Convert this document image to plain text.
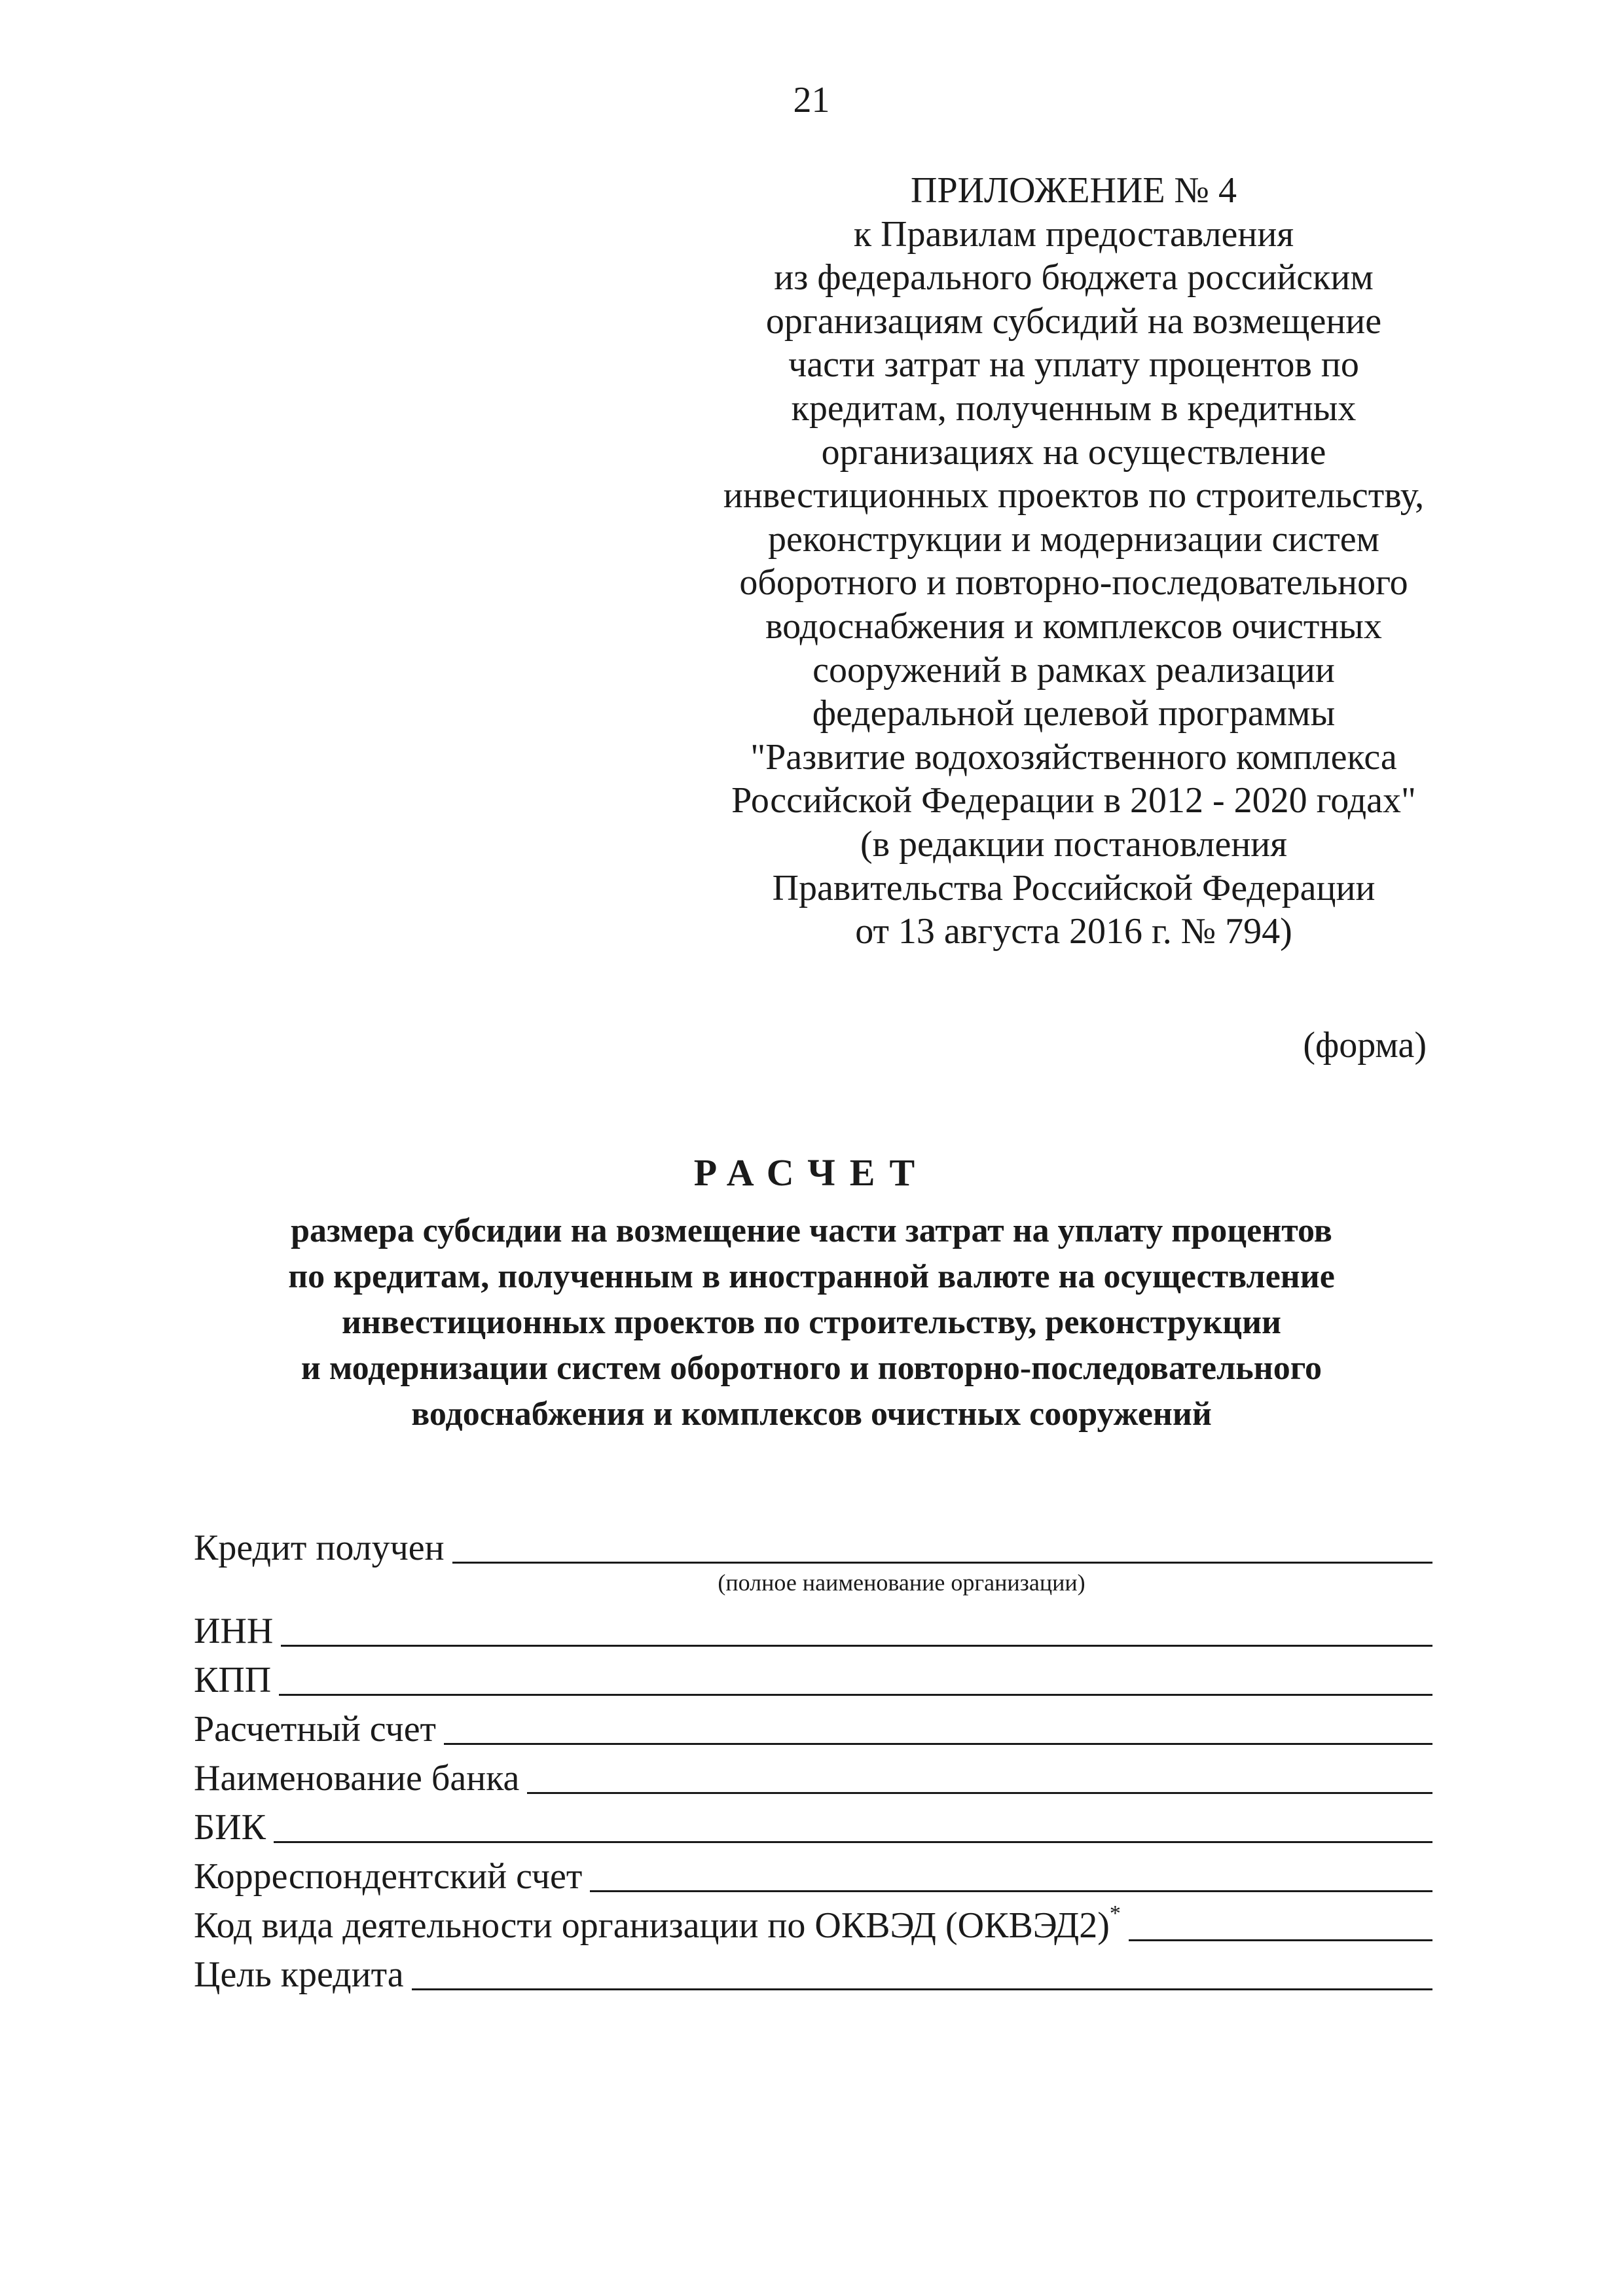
21
ПРИЛОЖЕНИЕ № 4
к Правилам предоставления
из федерального бюджета российским
организациям субсидий на возмещение
части затрат на уплату процентов по
кредитам, полученным в кредитных
организациях на осуществление
инвестиционных проектов по строительству,
реконструкции и модернизации систем
оборотного и повторно-последовательного
водоснабжения и комплексов очистных
сооружений в рамках реализации
федеральной целевой программы
"Развитие водохозяйственного комплекса
Российской Федерации в 2012 - 2020 годах"
(в редакции постановления
Правительства Российской Федерации
от 13 августа 2016 г. № 794)
(форма)
РАСЧЕТ
размера субсидии на возмещение части затрат на уплату процентов
по кредитам, полученным в иностранной валюте на осуществление
инвестиционных проектов по строительству, реконструкции
и модернизации систем оборотного и повторно-последовательного
водоснабжения и комплексов очистных сооружений
Кредит получен
(полное наименование организации)
ИНН
КПП
Расчетный счет
Наименование банка
БИК
Корреспондентский счет
Код вида деятельности организации по ОКВЭД (ОКВЭД2)*
Цель кредита
